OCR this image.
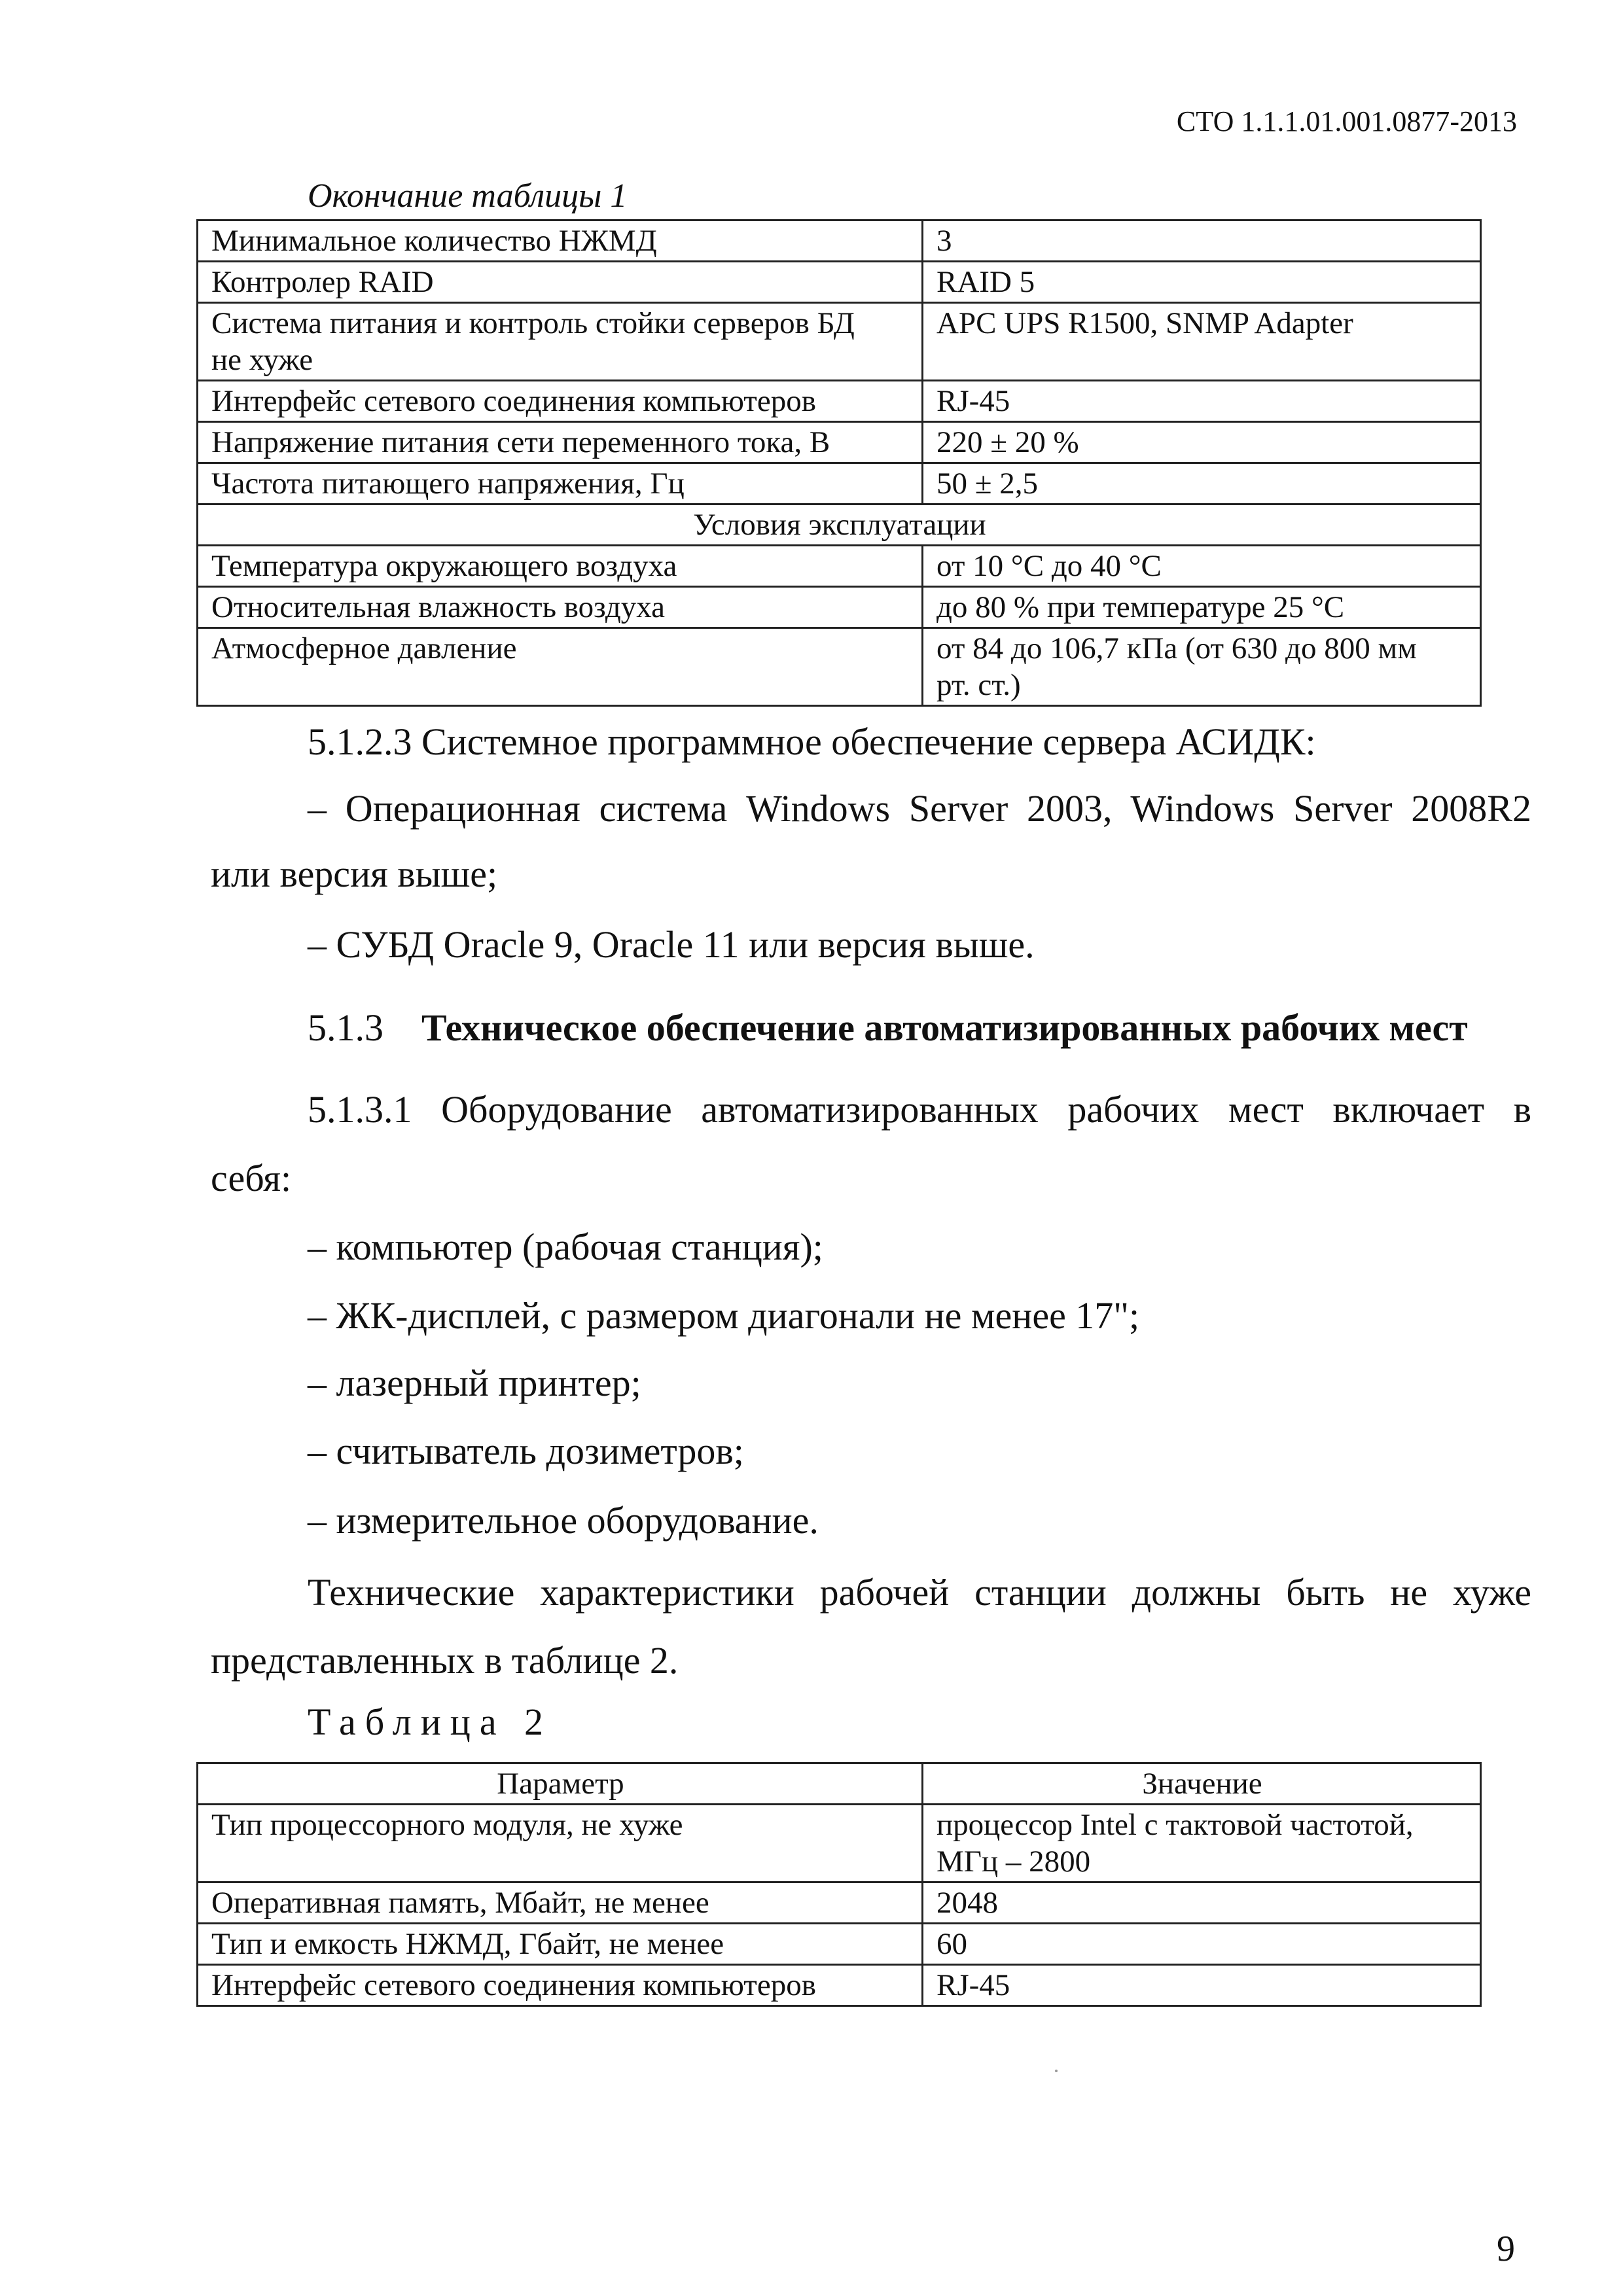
СТО 1.1.1.01.001.0877-2013
Окончание таблицы 1
Минимальное количество НЖМД	3
Контролер RAID	RAID 5

Система питания и контроль стойки серверов БД
не хуже	APC UPS R1500, SNMP Adapter
Интерфейс сетевого соединения компьютеров	RJ-45
Напряжение питания сети переменного тока, В	220 ± 20 %
Частота питающего напряжения, Гц	50 ± 2,5
Условия эксплуатации	
Температура окружающего воздуха	от 10 °С до 40 °С
Относительная влажность воздуха	до 80 % при температуре 25 °С
Атмосферное давление	от 84 до 106,7 кПа (от 630 до 800 мм
рт. ст.)
5.1.2.3 Системное программное обеспечение сервера АСИДК:
– Операционная система Windows Server 2003, Windows Server 2008R2
или версия выше;
– СУБД Oracle 9, Oracle 11 или версия выше.
5.1.3 Техническое обеспечение автоматизированных рабочих мест
5.1.3.1 Оборудование автоматизированных рабочих мест включает в
себя:
– компьютер (рабочая станция);
– ЖК-дисплей, с размером диагонали не менее 17";
– лазерный принтер;
– считыватель дозиметров;
– измерительное оборудование.
Технические характеристики рабочей станции должны быть не хуже
представленных в таблице 2.
Таблица 2
Параметр	Значение
Тип процессорного модуля, не хуже	процессор Intel с тактовой частотой,
МГц – 2800

Оперативная память, Мбайт, не менее	2048
Тип и емкость НЖМД, Гбайт, не менее	60
Интерфейс сетевого соединения компьютеров	RJ-45
9
